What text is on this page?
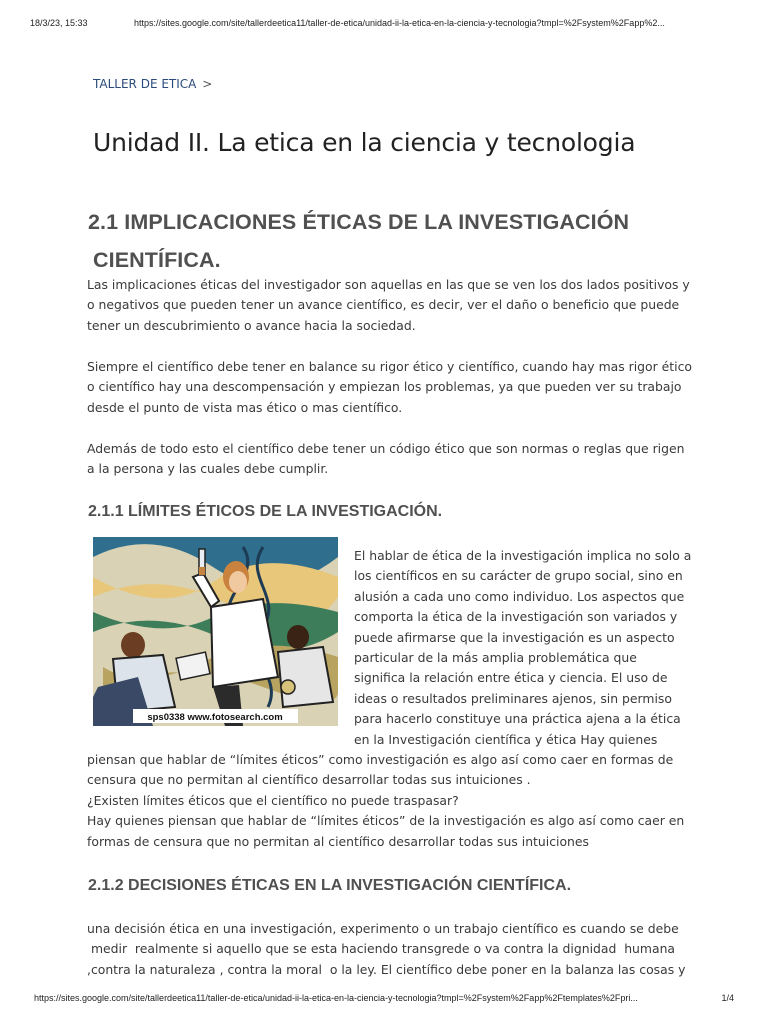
18/3/23, 15:33	https://sites.google.com/site/tallerdeetica11/taller-de-etica/unidad-ii-la-etica-en-la-ciencia-y-tecnologia?tmpl=%2Fsystem%2Fapp%2...
TALLER DE ETICA >
Unidad II. La etica en la ciencia y tecnologia
2.1 IMPLICACIONES ÉTICAS DE LA INVESTIGACIÓN
CIENTÍFICA.

Las implicaciones éticas del investigador son aquellas en las que se ven los dos lados positivos y
o negativos que pueden tener un avance científico, es decir, ver el daño o beneficio que puede
tener un descubrimiento o avance hacia la sociedad.

Siempre el científico debe tener en balance su rigor ético y científico, cuando hay mas rigor ético
o científico hay una descompensación y empiezan los problemas, ya que pueden ver su trabajo
desde el punto de vista mas ético o mas científico.

Además de todo esto el científico debe tener un código ético que son normas o reglas que rigen
a la persona y las cuales debe cumplir.

2.1.1 LÍMITES ÉTICOS DE LA INVESTIGACIÓN.
sps0338 www.fotosearch.com
El hablar de ética de la investigación implica no solo a
los científicos en su carácter de grupo social, sino en
alusión a cada uno como individuo. Los aspectos que
comporta la ética de la investigación son variados y
puede afirmarse que la investigación es un aspecto
particular de la más amplia problemática que
significa la relación entre ética y ciencia. El uso de
ideas o resultados preliminares ajenos, sin permiso
para hacerlo constituye una práctica ajena a la ética
en la Investigación científica y ética Hay quienes

piensan que hablar de “límites éticos” como investigación es algo así como caer en formas de
censura que no permitan al científico desarrollar todas sus intuiciones .
¿Existen límites éticos que el científico no puede traspasar?
Hay quienes piensan que hablar de “límites éticos” de la investigación es algo así como caer en
formas de censura que no permitan al científico desarrollar todas sus intuiciones

2.1.2 DECISIONES ÉTICAS EN LA INVESTIGACIÓN CIENTÍFICA.

una decisión ética en una investigación, experimento o un trabajo científico es cuando se debe
medir  realmente si aquello que se esta haciendo transgrede o va contra la dignidad  humana
,contra la naturaleza , contra la moral  o la ley. El científico debe poner en la balanza las cosas y

https://sites.google.com/site/tallerdeetica11/taller-de-etica/unidad-ii-la-etica-en-la-ciencia-y-tecnologia?tmpl=%2Fsystem%2Fapp%2Ftemplates%2Fpri...	1/4
